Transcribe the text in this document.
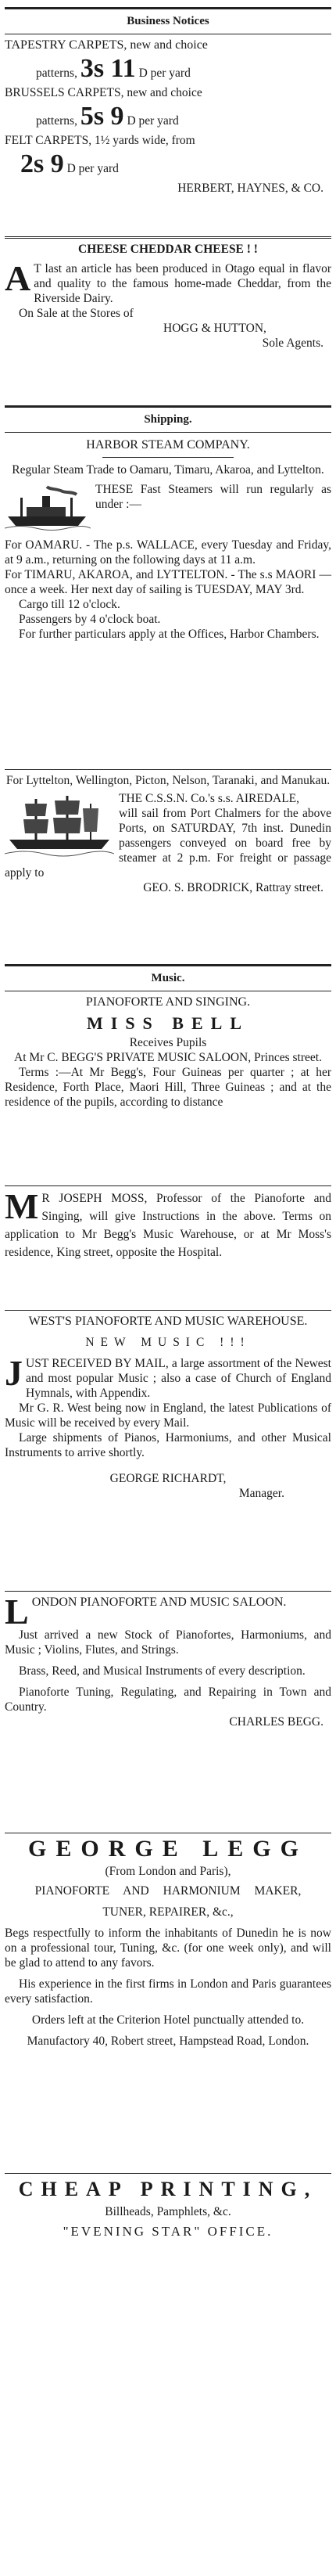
Business Notices
TAPESTRY CARPETS, new and choice
patterns, 3s 11 D per yard
BRUSSELS CARPETS, new and choice
patterns, 5s 9 D per yard
FELT CARPETS, 1½ yards wide, from
2s 9 D per yard
HERBERT, HAYNES, & CO.
CHEESE CHEDDAR CHEESE ! !
A T last an article has been produced in Otago equal in flavor and quality to the famous home-made Cheddar, from the Riverside Dairy.
On Sale at the Stores of
HOGG & HUTTON,
Sole Agents.
Shipping.
HARBOR STEAM COMPANY.
Regular Steam Trade to Oamaru, Timaru, Akaroa, and Lyttelton.
THESE Fast Steamers will run regularly as under :—
For OAMARU. - The p.s. WALLACE, every Tuesday and Friday, at 9 a.m., returning on the following days at 11 a.m.
For TIMARU, AKAROA, and LYTTELTON. - The s.s MAORI — once a week. Her next day of sailing is TUESDAY, MAY 3rd.
Cargo till 12 o'clock.
Passengers by 4 o'clock boat.
For further particulars apply at the Offices, Harbor Chambers.
For Lyttelton, Wellington, Picton, Nelson, Taranaki, and Manukau.
THE C.S.S.N. Co.'s s.s. AIREDALE,
will sail from Port Chalmers for the above Ports, on SATURDAY, 7th inst. Dunedin passengers conveyed on board free by steamer at 2 p.m. For freight or passage apply to
GEO. S. BRODRICK, Rattray street.
Music.
PIANOFORTE AND SINGING.
MISS BELL
Receives Pupils
At Mr C. BEGG'S PRIVATE MUSIC SALOON, Princes street.
Terms :—At Mr Begg's, Four Guineas per quarter ; at her Residence, Forth Place, Maori Hill, Three Guineas ; and at the residence of the pupils, according to distance
M R JOSEPH MOSS, Professor of the Pianoforte and Singing, will give Instructions in the above. Terms on application to Mr Begg's Music Warehouse, or at Mr Moss's residence, King street, opposite the Hospital.
WEST'S PIANOFORTE AND MUSIC WAREHOUSE.
NEW MUSIC !!!
J UST RECEIVED BY MAIL, a large assortment of the Newest and most popular Music ; also a case of Church of England Hymnals, with Appendix.
Mr G. R. West being now in England, the latest Publications of Music will be received by every Mail.
Large shipments of Pianos, Harmoniums, and other Musical Instruments to arrive shortly.
GEORGE RICHARDT,
Manager.
L ONDON PIANOFORTE AND MUSIC SALOON.
Just arrived a new Stock of Pianofortes, Harmoniums, and Music ; Violins, Flutes, and Strings.
Brass, Reed, and Musical Instruments of every description.
Pianoforte Tuning, Regulating, and Repairing in Town and Country.
CHARLES BEGG.
GEORGE LEGG
(From London and Paris),
PIANOFORTE AND HARMONIUM MAKER,
TUNER, REPAIRER, &c.,
Begs respectfully to inform the inhabitants of Dunedin he is now on a professional tour, Tuning, &c. (for one week only), and will be glad to attend to any favors.
His experience in the first firms in London and Paris guarantees every satisfaction.
Orders left at the Criterion Hotel punctually attended to.
Manufactory 40, Robert street, Hampstead Road, London.
CHEAP PRINTING,
Billheads, Pamphlets, &c.
"EVENING STAR" OFFICE.
